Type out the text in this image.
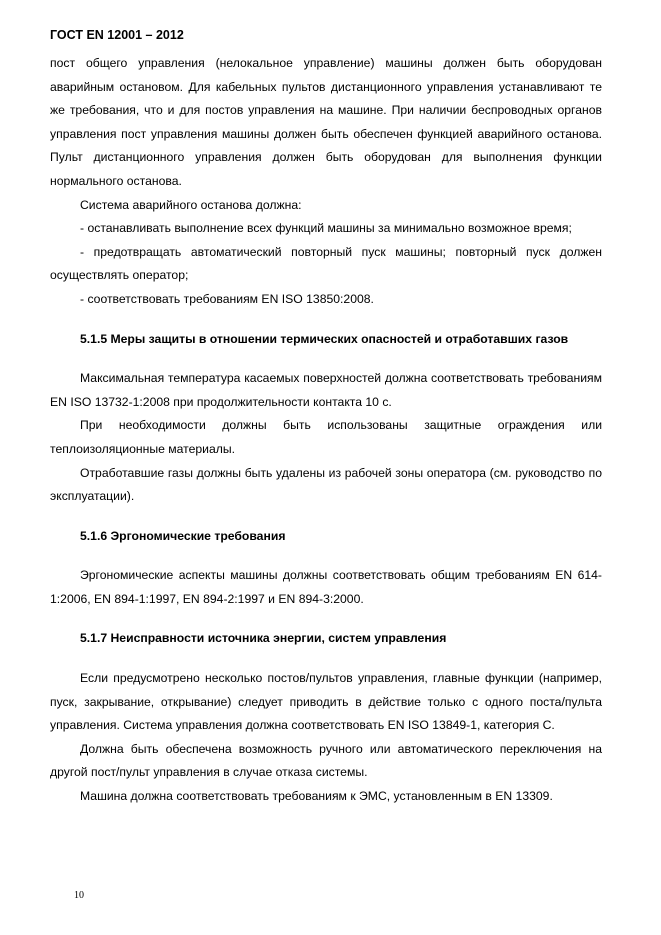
ГОСТ EN 12001 – 2012

пост общего управления (нелокальное управление) машины должен быть оборудован аварийным остановом. Для кабельных пультов дистанционного управления устанавливают те же требования, что и для постов управления на машине. При наличии беспроводных органов управления пост управления машины должен быть обеспечен функцией аварийного останова. Пульт дистанционного управления должен быть оборудован для выполнения функции нормального останова.

Система аварийного останова должна:

- останавливать выполнение всех функций машины за минимально возможное время;

- предотвращать автоматический повторный пуск машины; повторный пуск должен осуществлять оператор;

- соответствовать требованиям EN ISO 13850:2008.

5.1.5 Меры защиты в отношении термических опасностей и отработавших газов

Максимальная температура касаемых поверхностей должна соответствовать требованиям EN ISO 13732-1:2008 при продолжительности контакта 10 с.

При необходимости должны быть использованы защитные ограждения или теплоизоляционные материалы.

Отработавшие газы должны быть удалены из рабочей зоны оператора (см. руководство по эксплуатации).

5.1.6 Эргономические требования

Эргономические аспекты машины должны соответствовать общим требованиям EN 614-1:2006, EN 894-1:1997, EN 894-2:1997 и EN 894-3:2000.

5.1.7 Неисправности источника энергии, систем управления

Если предусмотрено несколько постов/пультов управления, главные функции (например, пуск, закрывание, открывание) следует приводить в действие только с одного поста/пульта управления. Система управления должна соответствовать EN ISO 13849-1, категория С.

Должна быть обеспечена возможность ручного или автоматического переключения на другой пост/пульт управления в случае отказа системы.

Машина должна соответствовать требованиям к ЭМС, установленным в EN 13309.

10
